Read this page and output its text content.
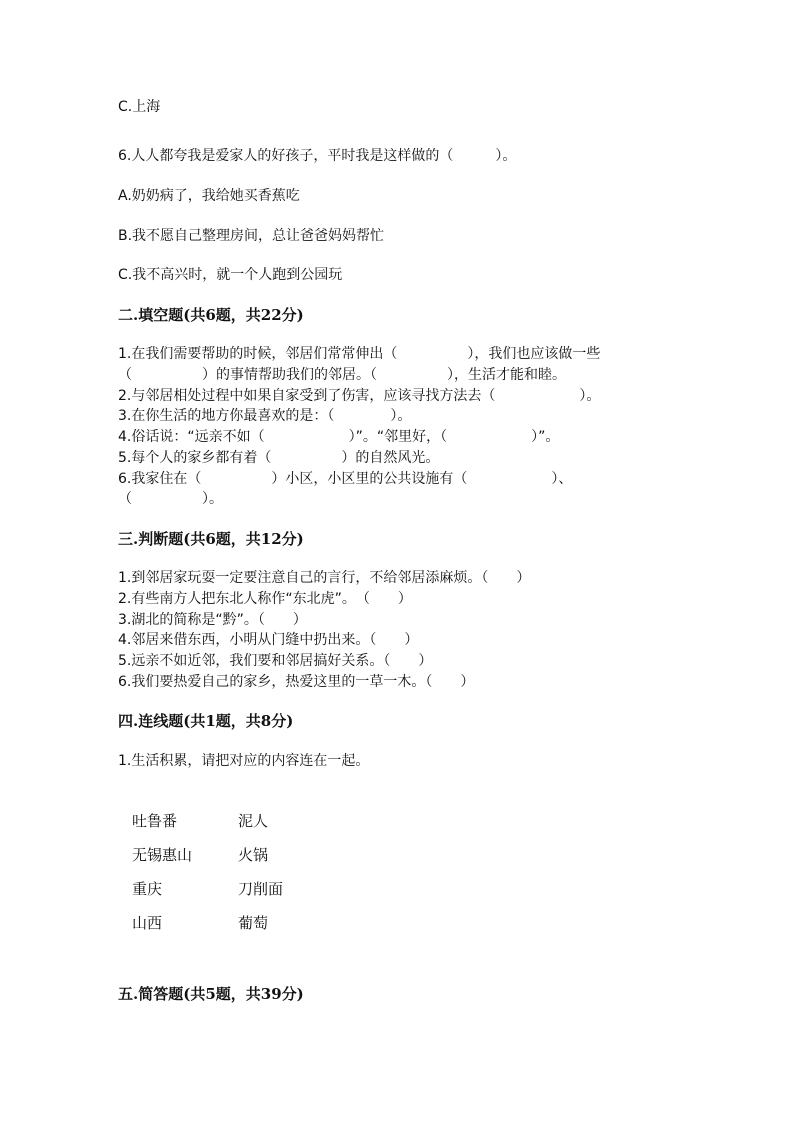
C.上海
6.人人都夸我是爱家人的好孩子，平时我是这样做的（　　　）。
A.奶奶病了，我给她买香蕉吃
B.我不愿自己整理房间，总让爸爸妈妈帮忙
C.我不高兴时，就一个人跑到公园玩
二.填空题(共6题，共22分)
1.在我们需要帮助的时候，邻居们常常伸出（　　　　　），我们也应该做一些
（　　　　　）的事情帮助我们的邻居。（　　　　　），生活才能和睦。
2.与邻居相处过程中如果自家受到了伤害，应该寻找方法去（　　　　　　）。
3.在你生活的地方你最喜欢的是：（　　　　）。
4.俗话说：“远亲不如（　　　　　　）”。“邻里好，（　　　　　　）”。
5.每个人的家乡都有着（　　　　　）的自然风光。
6.我家住在（　　　　　）小区，小区里的公共设施有（　　　　　　）、
（　　　　　）。
三.判断题(共6题，共12分)
1.到邻居家玩耍一定要注意自己的言行，不给邻居添麻烦。（　　）
2.有些南方人把东北人称作“东北虎”。　（　　）
3.湖北的简称是“黔”。（　　）
4.邻居来借东西，小明从门缝中扔出来。（　　）
5.远亲不如近邻，我们要和邻居搞好关系。（　　）
6.我们要热爱自己的家乡，热爱这里的一草一木。（　　）
四.连线题(共1题，共8分)
1.生活积累，请把对应的内容连在一起。
吐鲁番
无锡惠山
重庆
山西
泥人
火锅
刀削面
葡萄
五.简答题(共5题，共39分)
